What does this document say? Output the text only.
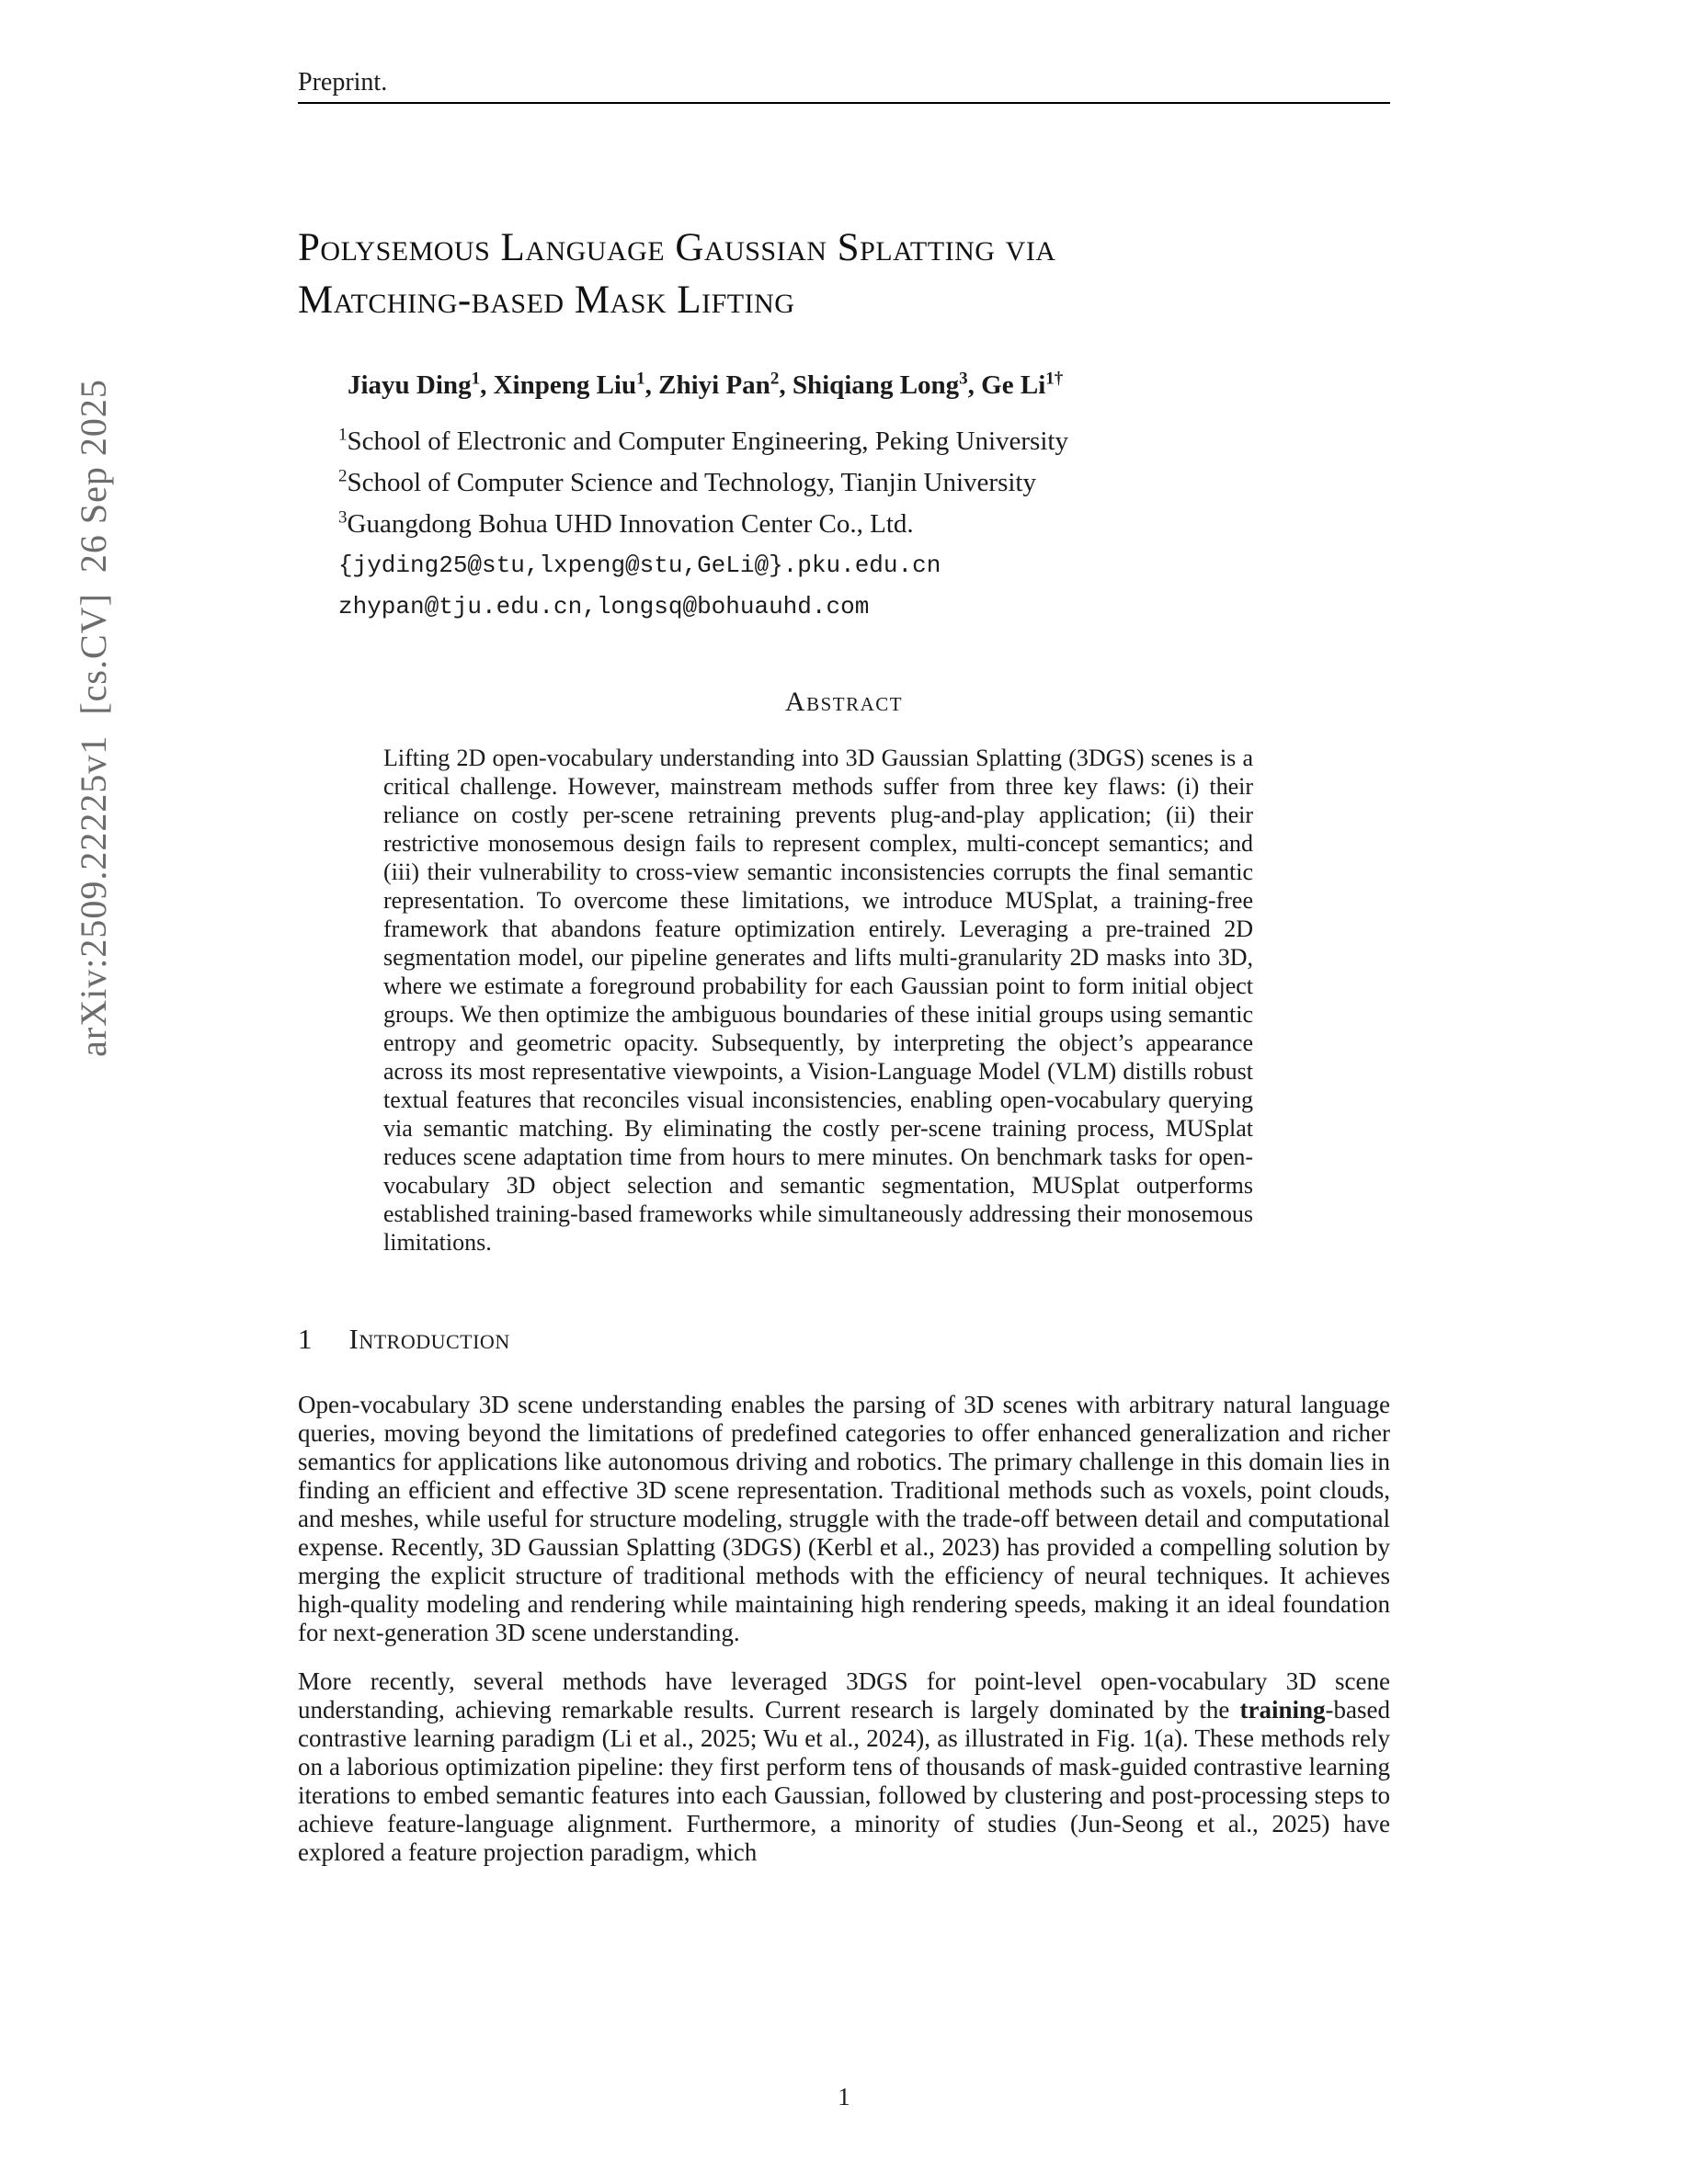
arXiv:2509.22225v1  [cs.CV]  26 Sep 2025

Preprint.
Polysemous Language Gaussian Splatting via
Matching-based Mask Lifting
Jiayu Ding$^1$, Xinpeng Liu$^1$, Zhiyi Pan$^2$, Shiqiang Long$^3$, Ge $Li^{1\dagger}$
$^1$School of Electronic and Computer Engineering, Peking University
$^2$School of Computer Science and Technology, Tianjin University
$^3$Guangdong Bohua UHD Innovation Center Co., Ltd.
{jyding25@stu,lxpeng@stu,GeLi@}.pku.edu.cn
zhypan@tju.edu.cn,longsq@bohuauhd.com
Abstract
Lifting 2D open-vocabulary understanding into 3D Gaussian Splatting (3DGS) scenes is a critical challenge. However, mainstream methods suffer from three key flaws: (i) their reliance on costly per-scene retraining prevents plug-and-play application; (ii) their restrictive monosemous design fails to represent complex, multi-concept semantics; and (iii) their vulnerability to cross-view semantic inconsistencies corrupts the final semantic representation. To overcome these limitations, we introduce MUSplat, a training-free framework that abandons feature optimization entirely. Leveraging a pre-trained 2D segmentation model, our pipeline generates and lifts multi-granularity 2D masks into 3D, where we estimate a foreground probability for each Gaussian point to form initial object groups. We then optimize the ambiguous boundaries of these initial groups using semantic entropy and geometric opacity. Subsequently, by interpreting the object’s appearance across its most representative viewpoints, a Vision-Language Model (VLM) distills robust textual features that reconciles visual inconsistencies, enabling open-vocabulary querying via semantic matching. By eliminating the costly per-scene training process, MUSplat reduces scene adaptation time from hours to mere minutes. On benchmark tasks for open-vocabulary 3D object selection and semantic segmentation, MUSplat outperforms established training-based frameworks while simultaneously addressing their monosemous limitations.
1 Introduction

Open-vocabulary 3D scene understanding enables the parsing of 3D scenes with arbitrary natural language queries, moving beyond the limitations of predefined categories to offer enhanced generalization and richer semantics for applications like autonomous driving and robotics. The primary challenge in this domain lies in finding an efficient and effective 3D scene representation. Traditional methods such as voxels, point clouds, and meshes, while useful for structure modeling, struggle with the trade-off between detail and computational expense. Recently, 3D Gaussian Splatting (3DGS) (Kerbl et al., 2023) has provided a compelling solution by merging the explicit structure of traditional methods with the efficiency of neural techniques. It achieves high-quality modeling and rendering while maintaining high rendering speeds, making it an ideal foundation for next-generation 3D scene understanding.

More recently, several methods have leveraged 3DGS for point-level open-vocabulary 3D scene understanding, achieving remarkable results. Current research is largely dominated by the training-based contrastive learning paradigm (Li et al., 2025; Wu et al., 2024), as illustrated in Fig. 1(a). These methods rely on a laborious optimization pipeline: they first perform tens of thousands of mask-guided contrastive learning iterations to embed semantic features into each Gaussian, followed by clustering and post-processing steps to achieve feature-language alignment. Furthermore, a minority of studies (Jun-Seong et al., 2025) have explored a feature projection paradigm, which

1
